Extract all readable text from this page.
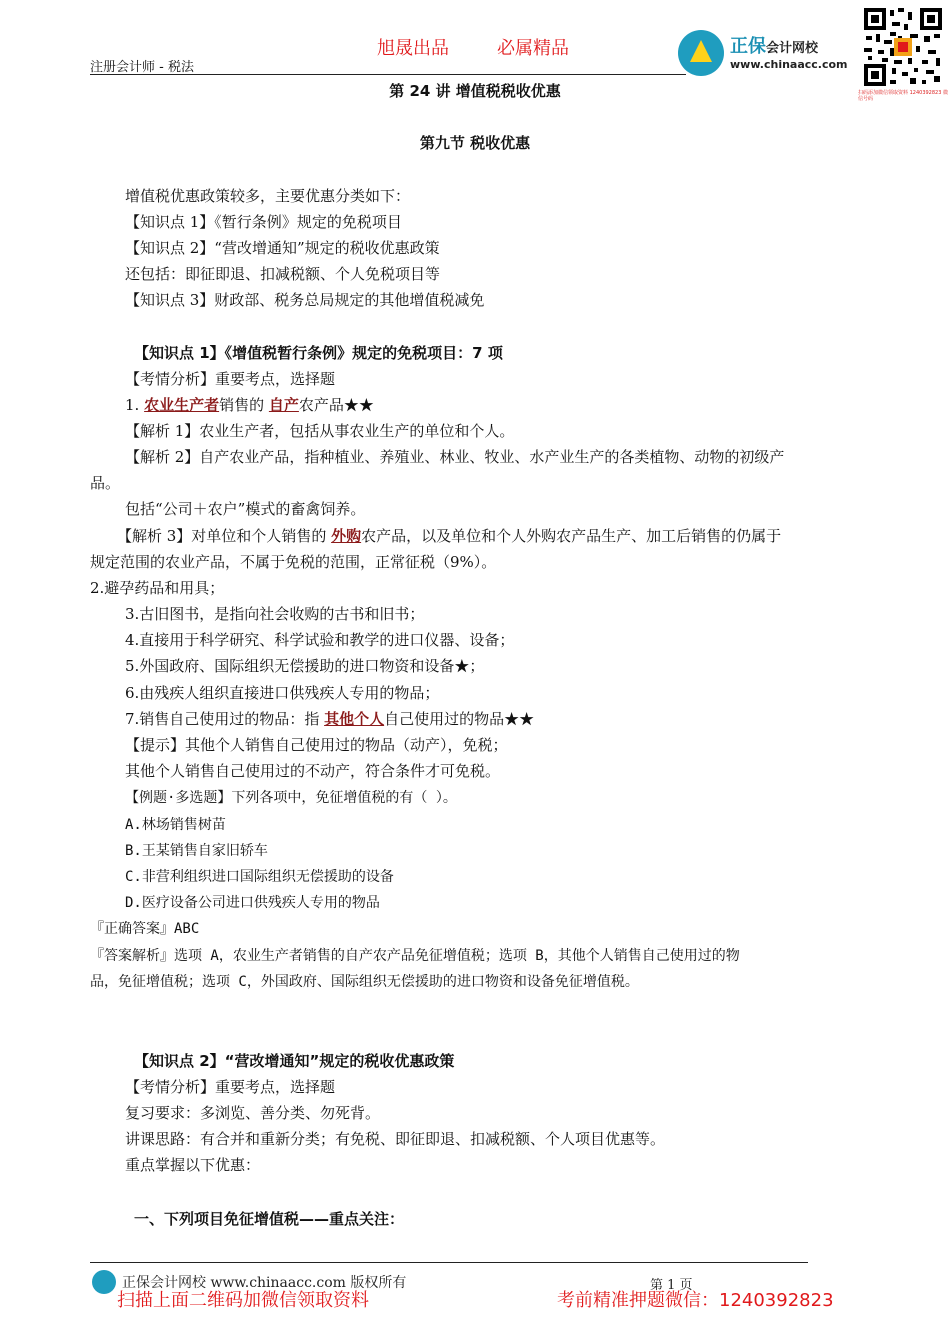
注册会计师 - 税法
旭晟出品	必属精品	正保会计网校
www.chinaacc.com
扫码添加微信领取资料 1240392823 微信号码
第 24 讲 增值税税收优惠
第九节 税收优惠
增值税优惠政策较多，主要优惠分类如下：
【知识点 1】《暂行条例》规定的免税项目
【知识点 2】“营改增通知”规定的税收优惠政策
还包括：即征即退、扣减税额、个人免税项目等
【知识点 3】财政部、税务总局规定的其他增值税减免
【知识点 1】《增值税暂行条例》规定的免税项目：7 项
【考情分析】重要考点，选择题
1. 农业生产者销售的 自产农产品★★
【解析 1】农业生产者，包括从事农业生产的单位和个人。
【解析 2】自产农业产品，指种植业、养殖业、林业、牧业、水产业生产的各类植物、动物的初级产
品。
包括“公司＋农户”模式的畜禽饲养。
【解析 3】对单位和个人销售的 外购农产品，以及单位和个人外购农产品生产、加工后销售的仍属于
规定范围的农业产品，不属于免税的范围，正常征税（9%）。
2.避孕药品和用具；
3.古旧图书，是指向社会收购的古书和旧书；
4.直接用于科学研究、科学试验和教学的进口仪器、设备；
5.外国政府、国际组织无偿援助的进口物资和设备★；
6.由残疾人组织直接进口供残疾人专用的物品；
7.销售自己使用过的物品：指 其他个人自己使用过的物品★★
【提示】其他个人销售自己使用过的物品（动产），免税；
其他个人销售自己使用过的不动产，符合条件才可免税。
【例题·多选题】下列各项中，免征增值税的有（ ）。
A.林场销售树苗
B.王某销售自家旧轿车
C.非营利组织进口国际组织无偿援助的设备
D.医疗设备公司进口供残疾人专用的物品
『正确答案』ABC
『答案解析』选项 A，农业生产者销售的自产农产品免征增值税；选项 B，其他个人销售自己使用过的物
品，免征增值税；选项 C，外国政府、国际组织无偿援助的进口物资和设备免征增值税。
【知识点 2】“营改增通知”规定的税收优惠政策
【考情分析】重要考点，选择题
复习要求：多浏览、善分类、勿死背。
讲课思路：有合并和重新分类；有免税、即征即退、扣减税额、个人项目优惠等。
重点掌握以下优惠：
一、下列项目免征增值税——重点关注：
正保会计网校 www.chinaacc.com 版权所有	第 1 页
扫描上面二维码加微信领取资料	考前精准押题微信：1240392823
